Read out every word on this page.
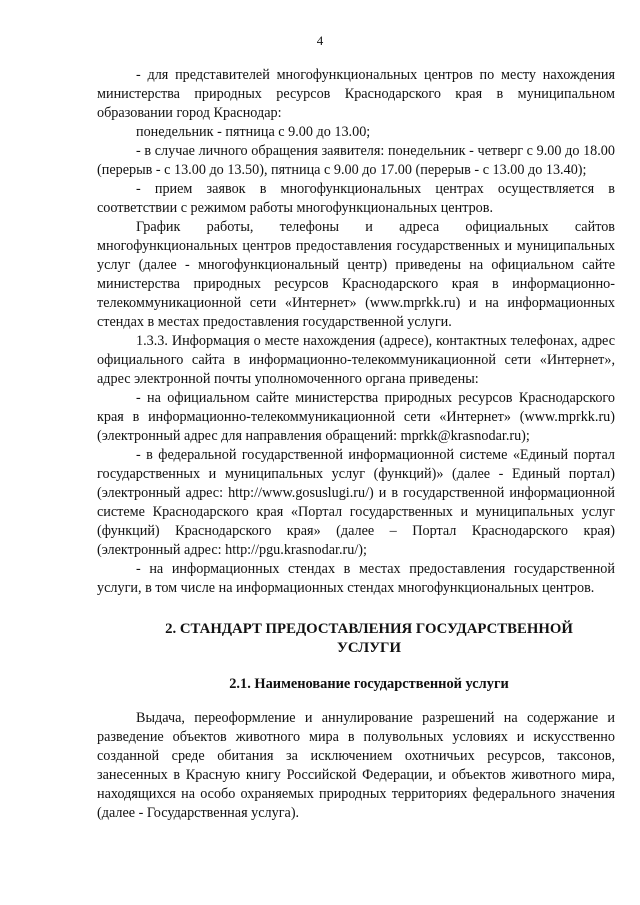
4

- для представителей многофункциональных центров по месту нахождения министерства природных ресурсов Краснодарского края в муниципальном образовании город Краснодар:

понедельник - пятница с 9.00 до 13.00;

- в случае личного обращения заявителя: понедельник - четверг с 9.00 до 18.00 (перерыв - с 13.00 до 13.50), пятница с 9.00 до 17.00 (перерыв - с 13.00 до 13.40);

- прием заявок в многофункциональных центрах осуществляется в соответствии с режимом работы многофункциональных центров.

График работы, телефоны и адреса официальных сайтов многофункциональных центров предоставления государственных и муниципальных услуг (далее - многофункциональный центр) приведены на официальном сайте министерства природных ресурсов Краснодарского края в информационно-телекоммуникационной сети «Интернет» (www.mprkk.ru) и на информационных стендах в местах предоставления государственной услуги.

1.3.3. Информация о месте нахождения (адресе), контактных телефонах, адрес официального сайта в информационно-телекоммуникационной сети «Интернет», адрес электронной почты уполномоченного органа приведены:

- на официальном сайте министерства природных ресурсов Краснодарского края в информационно-телекоммуникационной сети «Интернет» (www.mprkk.ru) (электронный адрес для направления обращений: mprkk@krasnodar.ru);

- в федеральной государственной информационной системе «Единый портал государственных и муниципальных услуг (функций)» (далее - Единый портал) (электронный адрес: http://www.gosuslugi.ru/) и в государственной информационной системе Краснодарского края «Портал государственных и муниципальных услуг (функций) Краснодарского края» (далее – Портал Краснодарского края) (электронный адрес: http://pgu.krasnodar.ru/);

- на информационных стендах в местах предоставления государственной услуги, в том числе на информационных стендах многофункциональных центров.

2. СТАНДАРТ ПРЕДОСТАВЛЕНИЯ ГОСУДАРСТВЕННОЙ
УСЛУГИ
2.1. Наименование государственной услуги

Выдача, переоформление и аннулирование разрешений на содержание и разведение объектов животного мира в полувольных условиях и искусственно созданной среде обитания за исключением охотничьих ресурсов, таксонов, занесенных в Красную книгу Российской Федерации, и объектов животного мира, находящихся на особо охраняемых природных территориях федерального значения (далее - Государственная услуга).
